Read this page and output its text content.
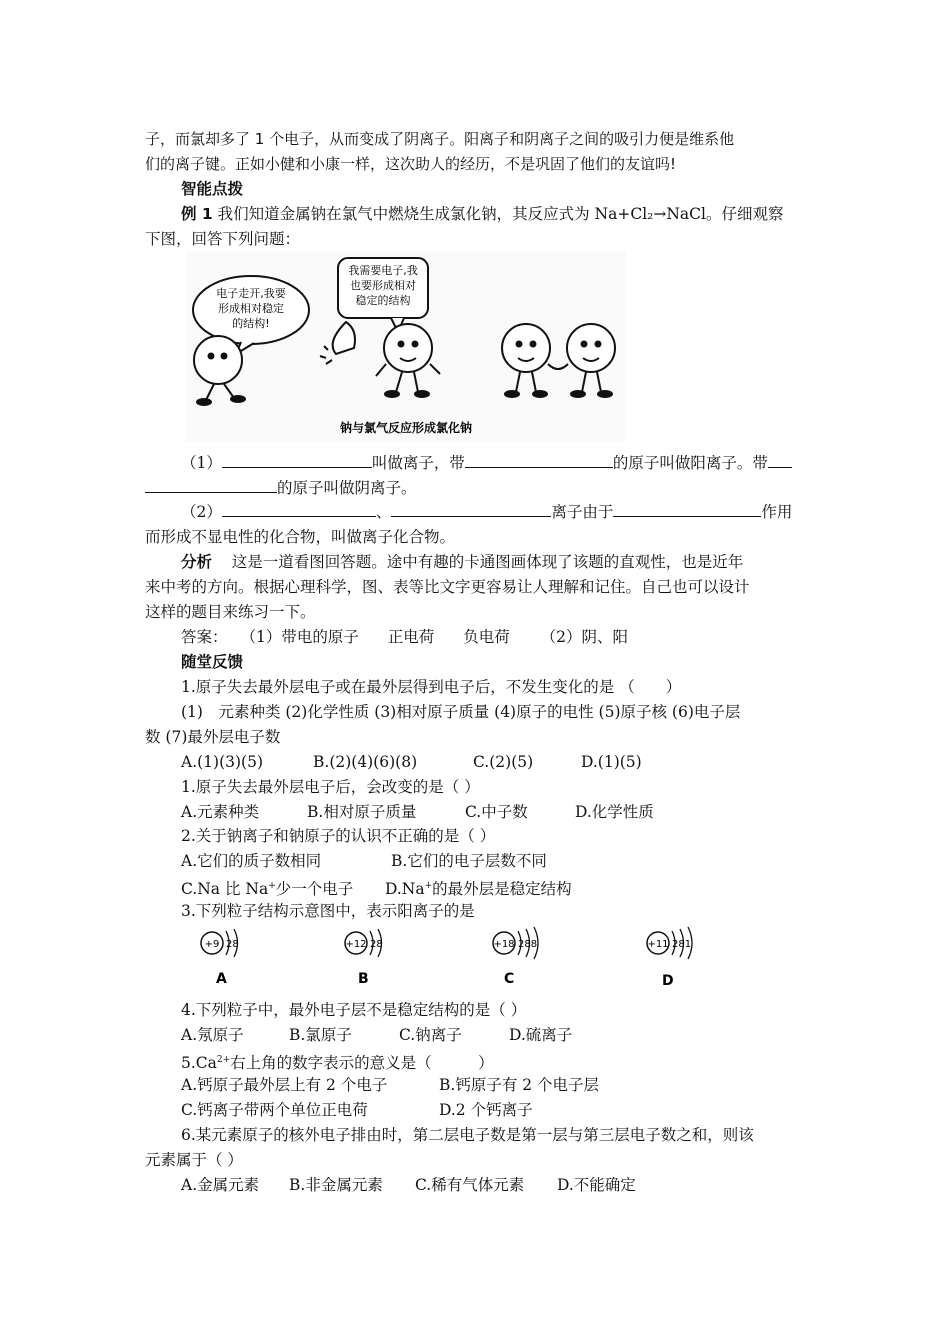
子，而氯却多了 1 个电子，从而变成了阴离子。阳离子和阴离子之间的吸引力便是维系他
们的离子键。正如小健和小康一样，这次助人的经历，不是巩固了他们的友谊吗!
智能点拨
例 1 我们知道金属钠在氯气中燃烧生成氯化钠，其反应式为 Na+Cl₂→NaCl。仔细观察
下图，回答下列问题：
电子走开,我要
形成相对稳定
的结构!
我需要电子,我
也要形成相对
稳定的结构
钠与氯气反应形成氯化钠
（1）	叫做离子，带	的原子叫做阳离子。带
的原子叫做阴离子。
（2）	、	离子由于	作用
而形成不显电性的化合物，叫做离子化合物。
分析 这是一道看图回答题。途中有趣的卡通图画体现了该题的直观性，也是近年
来中考的方向。根据心理科学，图、表等比文字更容易让人理解和记住。自己也可以设计
这样的题目来练习一下。
答案： （1）带电的原子 正电荷 负电荷 （2）阴、阳
随堂反馈
1.原子失去最外层电子或在最外层得到电子后，不发生变化的是 （　　）
(1)　元素种类 (2)化学性质 (3)相对原子质量 (4)原子的电性 (5)原子核 (6)电子层
数 (7)最外层电子数
A.(1)(3)(5)	B.(2)(4)(6)(8)	C.(2)(5)	D.(1)(5)
1.原子失去最外层电子后，会改变的是（ ）
A.元素种类	B.相对原子质量	C.中子数	D.化学性质
2.关于钠离子和钠原子的认识不正确的是（ ）
A.它们的质子数相同	B.它们的电子层数不同
C.Na 比 Na+少一个电子 D.Na+的最外层是稳定结构
3.下列粒子结构示意图中，表示阳离子的是
+9 28
A
+12 28
B
+18 288
C
+11 281
D
4.下列粒子中，最外电子层不是稳定结构的是（ ）
A.氖原子	B.氯原子	C.钠离子	D.硫离子
$5.Ca^{2+}$右上角的数字表示的意义是（　　　）
A.钙原子最外层上有 2 个电子	B.钙原子有 2 个电子层
C.钙离子带两个单位正电荷	D.2 个钙离子
6.某元素原子的核外电子排由时，第二层电子数是第一层与第三层电子数之和，则该
元素属于（ ）
A.金属元素 B.非金属元素 C.稀有气体元素 D.不能确定
